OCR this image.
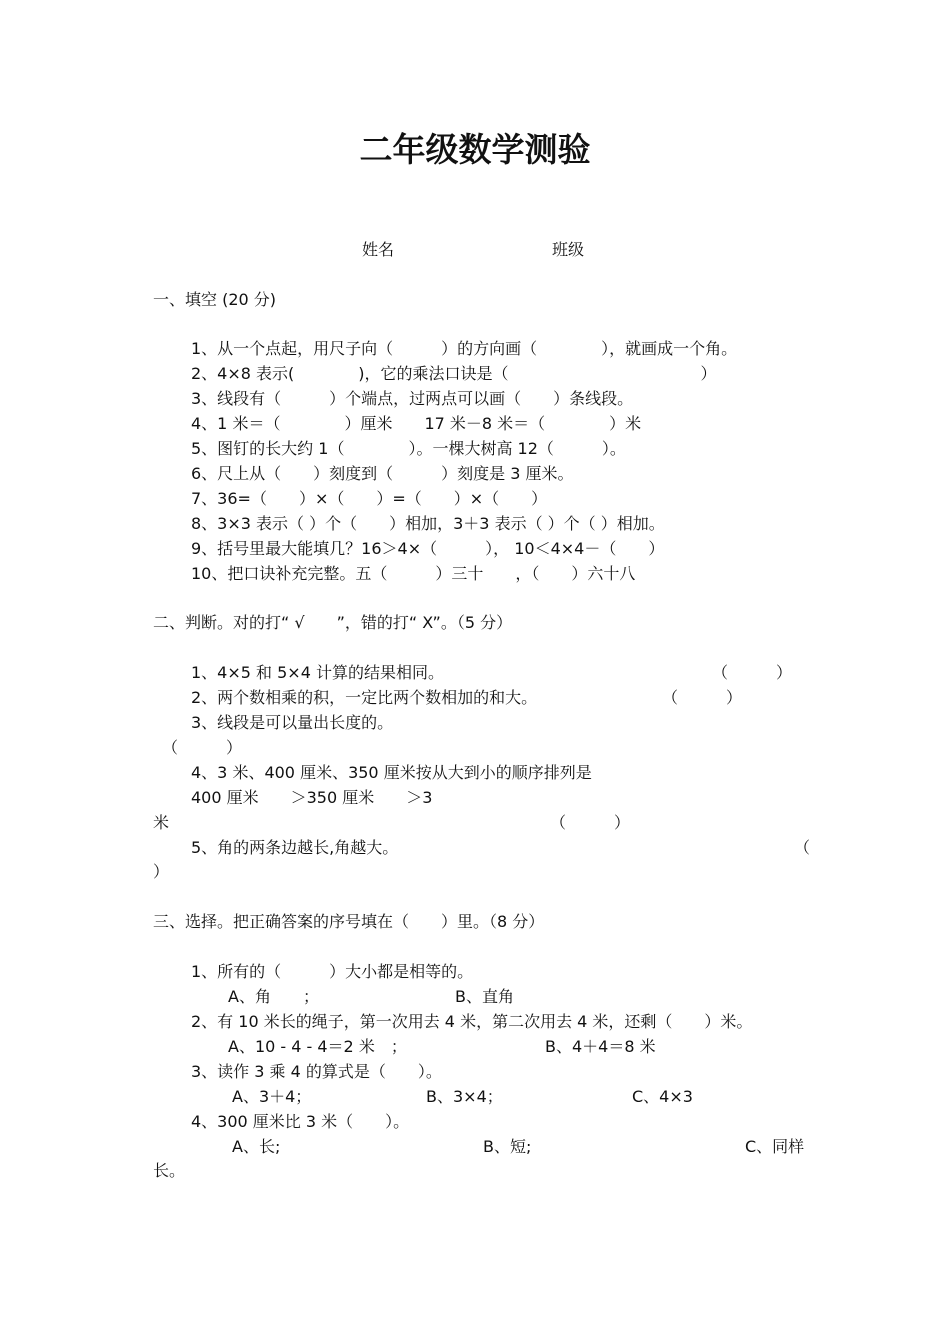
二年级数学测验
姓名	班级
一、填空 (20 分)
1、从一个点起，用尺子向（　　　）的方向画（　　　　），就画成一个角。
2、4×8 表示(　　　　)，它的乘法口诀是（　　　　　　　　　　　　）
3、线段有（　　　）个端点，过两点可以画（　　）条线段。
4、1 米＝（　　　　）厘米　　17 米－8 米＝（　　　　）米
5、图钉的长大约 1（　　　　）。一棵大树高 12（　　　）。
6、尺上从（　　）刻度到（　　　）刻度是 3 厘米。
7、36=（　　）×（　　）=（　　）×（　　）
8、3×3 表示（ ）个（　　）相加，3＋3 表示（ ）个（ ）相加。
9、括号里最大能填几？16＞4×（　　　）， 10＜4×4－（　　）
10、把口诀补充完整。五（　　　）三十　　，（　　）六十八
二、判断。对的打“ √　　”，错的打“ X”。（5 分）
1、4×5 和 5×4 计算的结果相同。	（　　　）
2、两个数相乘的积，一定比两个数相加的和大。	（　　　）
3、线段是可以量出长度的。
（　　　）
4、3 米、400 厘米、350 厘米按从大到小的顺序排列是
400 厘米　　＞350 厘米　　＞3
米	（　　　）
5、角的两条边越长,角越大。	（
）
三、选择。把正确答案的序号填在（　　）里。（8 分）
1、所有的（　　　）大小都是相等的。
A、角　　；	B、直角
2、有 10 米长的绳子，第一次用去 4 米，第二次用去 4 米，还剩（　　）米。
A、10 - 4 - 4＝2 米　；	B、4＋4＝8 米
3、读作 3 乘 4 的算式是（　　）。
A、3＋4；	B、3×4；	C、4×3
4、300 厘米比 3 米（　　）。
A、长;	B、短;	C、同样
长。
